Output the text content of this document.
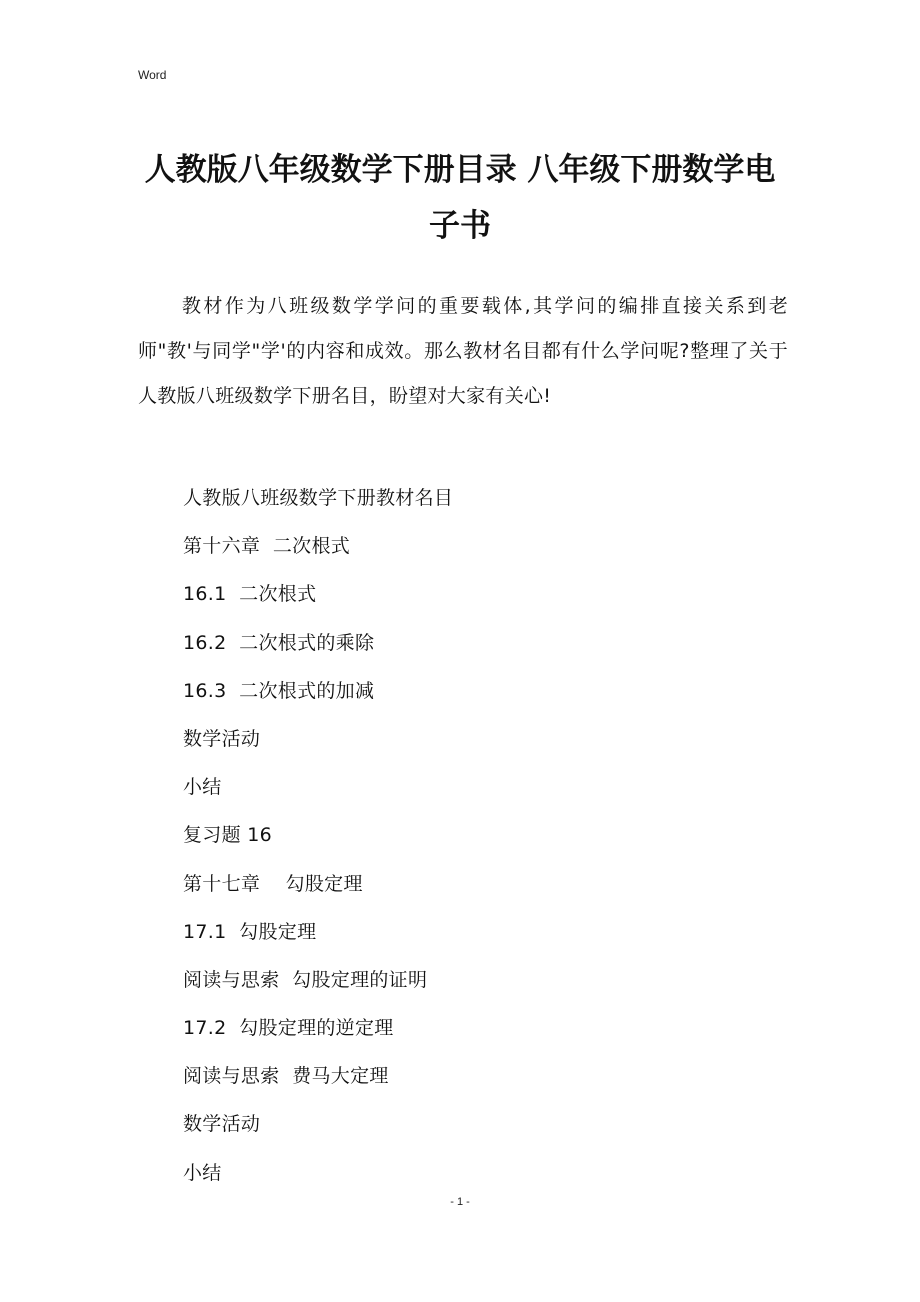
Word
人教版八年级数学下册目录 八年级下册数学电子书

教材作为八班级数学学问的重要载体,其学问的编排直接关系到老师"教'与同学"学'的内容和成效。那么教材名目都有什么学问呢?整理了关于人教版八班级数学下册名目，盼望对大家有关心!

人教版八班级数学下册教材名目
第十六章  二次根式
16.1  二次根式
16.2  二次根式的乘除
16.3  二次根式的加减
数学活动
小结
复习题 16
第十七章    勾股定理
17.1  勾股定理
阅读与思索  勾股定理的证明
17.2  勾股定理的逆定理
阅读与思索  费马大定理
数学活动
小结
- 1 -
